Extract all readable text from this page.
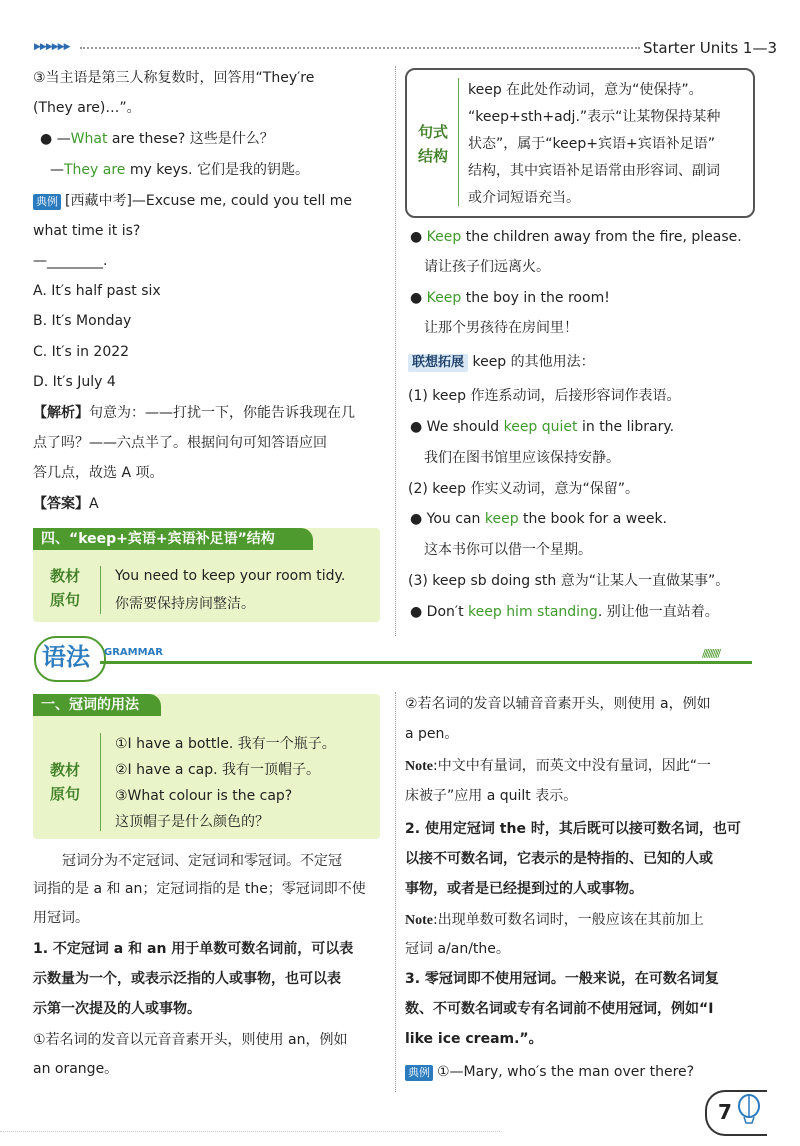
▶▶▶▶▶▶	Starter Units 1—3
③当主语是第三人称复数时，回答用“They′re
(They are)…”。
● —What are these? 这些是什么？
—They are my keys. 它们是我的钥匙。
典例 [西藏中考]—Excuse me, could you tell me
what time it is?
—________.
A. It′s half past six
B. It′s Monday
C. It′s in 2022
D. It′s July 4
【解析】句意为：——打扰一下，你能告诉我现在几
点了吗？——六点半了。根据问句可知答语应回
答几点，故选 A 项。
【答案】A
四、“keep+宾语+宾语补足语”结构
教材
原句
You need to keep your room tidy.
你需要保持房间整洁。
句式
结构
keep 在此处作动词，意为“使保持”。
“keep+sth+adj.”表示“让某物保持某种
状态”，属于“keep+宾语+宾语补足语”
结构，其中宾语补足语常由形容词、副词
或介词短语充当。
● Keep the children away from the fire, please.
请让孩子们远离火。
● Keep the boy in the room!
让那个男孩待在房间里！
联想拓展 keep 的其他用法：
(1) keep 作连系动词，后接形容词作表语。
● We should keep quiet in the library.
我们在图书馆里应该保持安静。
(2) keep 作实义动词，意为“保留”。
● You can keep the book for a week.
这本书你可以借一个星期。
(3) keep sb doing sth 意为“让某人一直做某事”。
● Don′t keep him standing. 别让他一直站着。
语法 GRAMMAR	//////////
一、冠词的用法
教材
原句
①I have a bottle. 我有一个瓶子。
②I have a cap. 我有一顶帽子。
③What colour is the cap?
这顶帽子是什么颜色的？
冠词分为不定冠词、定冠词和零冠词。不定冠
词指的是 a 和 an；定冠词指的是 the；零冠词即不使
用冠词。
1. 不定冠词 a 和 an 用于单数可数名词前，可以表
示数量为一个，或表示泛指的人或事物，也可以表
示第一次提及的人或事物。
①若名词的发音以元音音素开头，则使用 an，例如
an orange。
②若名词的发音以辅音音素开头，则使用 a，例如
a pen。
Note:中文中有量词，而英文中没有量词，因此“一
床被子”应用 a quilt 表示。
2. 使用定冠词 the 时，其后既可以接可数名词，也可
以接不可数名词，它表示的是特指的、已知的人或
事物，或者是已经提到过的人或事物。
Note:出现单数可数名词时，一般应该在其前加上
冠词 a/an/the。
3. 零冠词即不使用冠词。一般来说，在可数名词复
数、不可数名词或专有名词前不使用冠词，例如“I
like ice cream.”。
典例 ①—Mary, who′s the man over there?
7
